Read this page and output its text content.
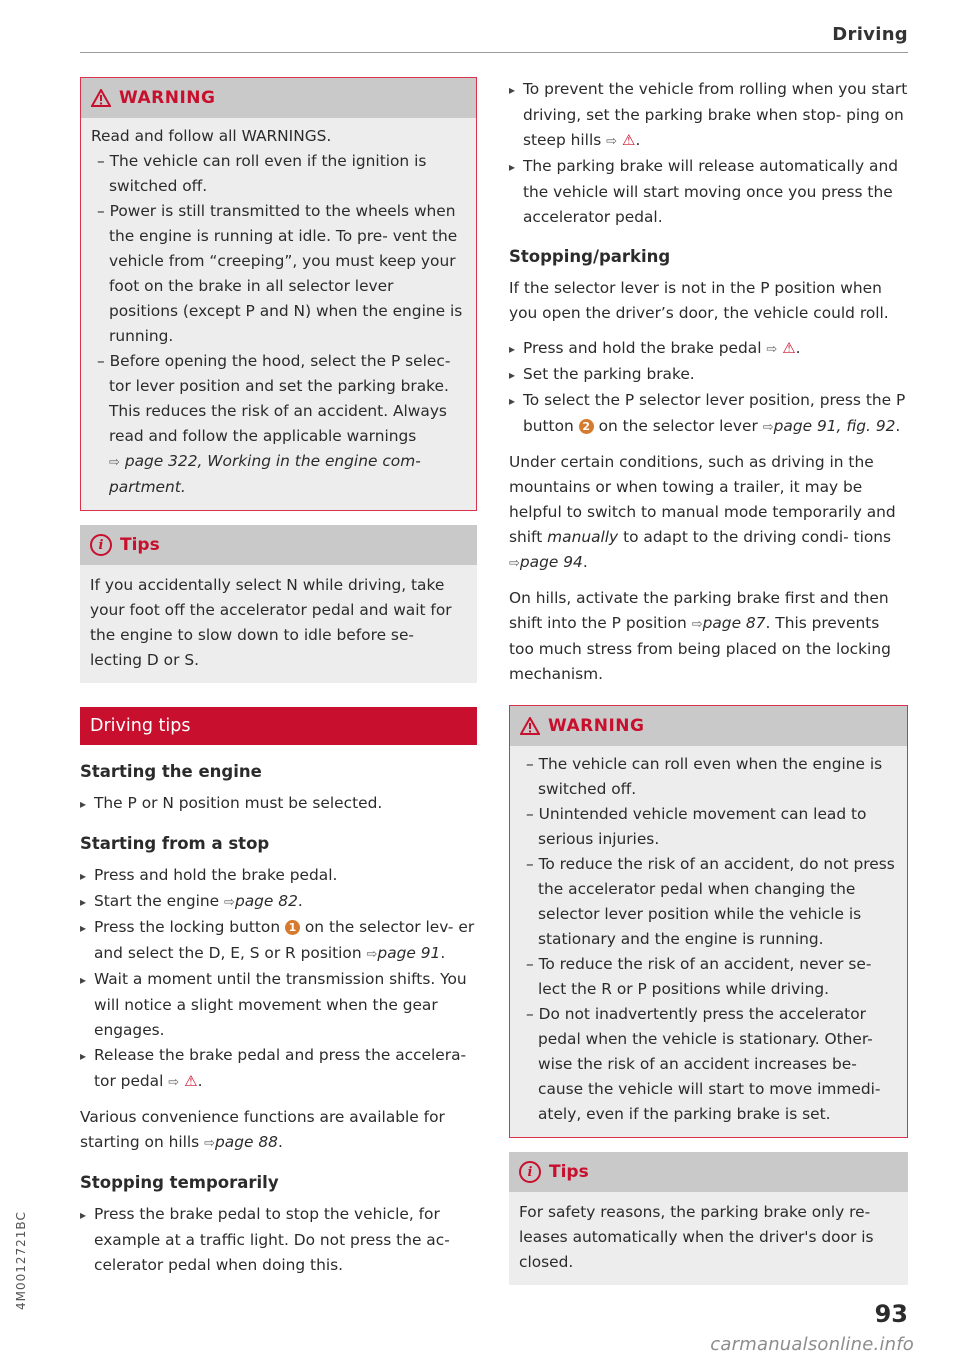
Driving
4M0012721BC
WARNING

Read and follow all WARNINGS.

– The vehicle can roll even if the ignition is switched off.

– Power is still transmitted to the wheels when the engine is running at idle. To pre- vent the vehicle from “creeping”, you must keep your foot on the brake in all selector lever positions (except P and N) when the engine is running.

– Before opening the hood, select the P selec- tor lever position and set the parking brake. This reduces the risk of an accident. Always read and follow the applicable warnings

⇨ page 322, Working in the engine com- partment.

i Tips

If you accidentally select N while driving, take your foot off the accelerator pedal and wait for the engine to slow down to idle before se- lecting D or S.

Driving tips
Starting the engine

▸ The P or N position must be selected.

Starting from a stop

▸ Press and hold the brake pedal.

▸ Start the engine ⇨page 82.

▸ Press the locking button 1 on the selector lev- er and select the D, E, S or R position ⇨page 91.

▸ Wait a moment until the transmission shifts. You will notice a slight movement when the gear engages.

▸ Release the brake pedal and press the accelera- tor pedal ⇨ ⚠.

Various convenience functions are available for starting on hills ⇨page 88.

Stopping temporarily

▸ Press the brake pedal to stop the vehicle, for example at a traffic light. Do not press the ac- celerator pedal when doing this.

▸ To prevent the vehicle from rolling when you start driving, set the parking brake when stop- ping on steep hills ⇨ ⚠.

▸ The parking brake will release automatically and the vehicle will start moving once you press the accelerator pedal.

Stopping/parking

If the selector lever is not in the P position when you open the driver’s door, the vehicle could roll.

▸ Press and hold the brake pedal ⇨ ⚠.

▸ Set the parking brake.

▸ To select the P selector lever position, press the P button 2 on the selector lever ⇨page 91, fig. 92.

Under certain conditions, such as driving in the mountains or when towing a trailer, it may be helpful to switch to manual mode temporarily and shift manually to adapt to the driving condi- tions ⇨page 94.

On hills, activate the parking brake first and then shift into the P position ⇨page 87. This prevents too much stress from being placed on the locking mechanism.

WARNING

– The vehicle can roll even when the engine is switched off.

– Unintended vehicle movement can lead to serious injuries.

– To reduce the risk of an accident, do not press the accelerator pedal when changing the selector lever position while the vehicle is stationary and the engine is running.

– To reduce the risk of an accident, never se- lect the R or P positions while driving.

– Do not inadvertently press the accelerator pedal when the vehicle is stationary. Other- wise the risk of an accident increases be- cause the vehicle will start to move immedi- ately, even if the parking brake is set.

i Tips

For safety reasons, the parking brake only re- leases automatically when the driver's door is closed.

93
carmanualsonline.info
